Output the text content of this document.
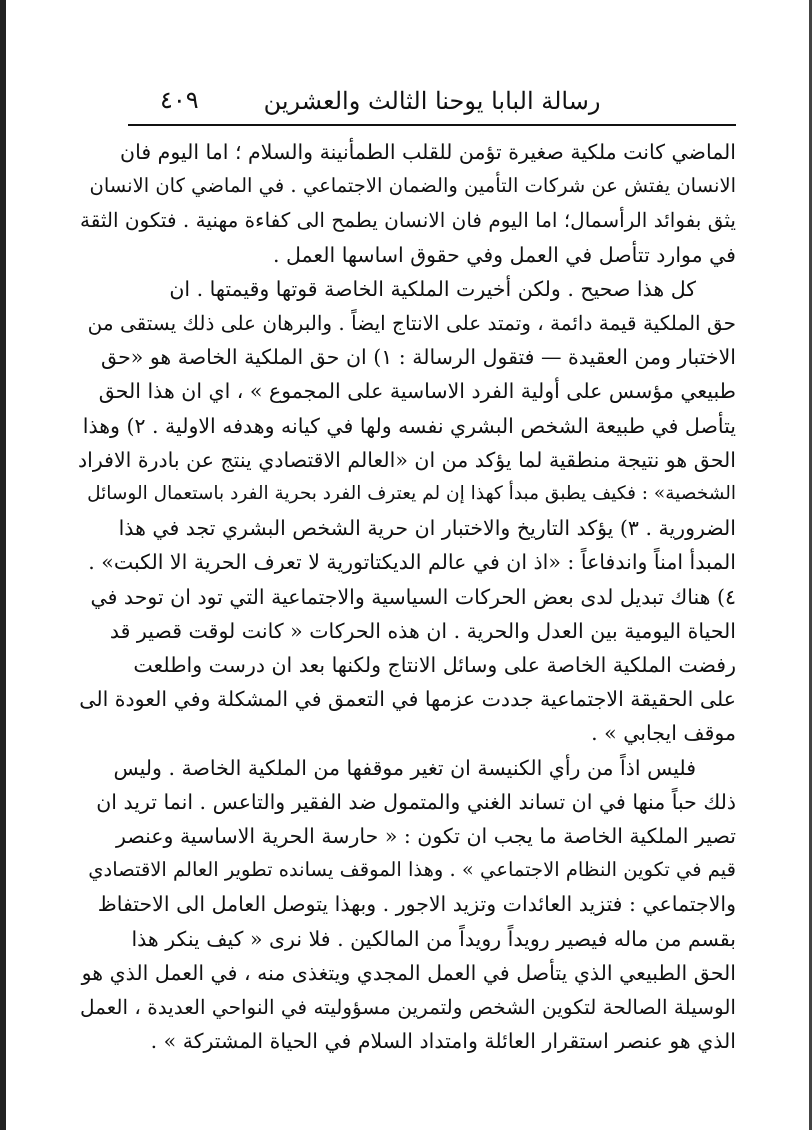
رسالة البابا يوحنا الثالث والعشرين
٤٠٩

الماضي كانت ملكية صغيرة تؤمن للقلب الطمأنينة والسلام ؛ اما اليوم فان
الانسان يفتش عن شركات التأمين والضمان الاجتماعي . في الماضي كان الانسان
يثق بفوائد الرأسمال؛ اما اليوم فان الانسان يطمح الى كفاءة مهنية . فتكون الثقة
في موارد تتأصل في العمل وفي حقوق اساسها العمل .

كل هذا صحيح . ولكن أخيرت الملكية الخاصة قوتها وقيمتها . ان
حق الملكية قيمة دائمة ، وتمتد على الانتاج ايضاً . والبرهان على ذلك يستقى من
الاختبار ومن العقيدة — فتقول الرسالة : ١) ان حق الملكية الخاصة هو «حق
طبيعي مؤسس على أولية الفرد الاساسية على المجموع » ، اي ان هذا الحق
يتأصل في طبيعة الشخص البشري نفسه ولها في كيانه وهدفه الاولية . ٢) وهذا
الحق هو نتيجة منطقية لما يؤكد من ان «العالم الاقتصادي ينتج عن بادرة الافراد
الشخصية» : فكيف يطبق مبدأ كهذا إن لم يعترف الفرد بحرية الفرد باستعمال الوسائل
الضرورية . ٣) يؤكد التاريخ والاختبار ان حرية الشخص البشري تجد في هذا
المبدأ امناً واندفاعاً : «اذ ان في عالم الديكتاتورية لا تعرف الحرية الا الكبت» .
٤) هناك تبديل لدى بعض الحركات السياسية والاجتماعية التي تود ان توحد في
الحياة اليومية بين العدل والحرية . ان هذه الحركات « كانت لوقت قصير قد
رفضت الملكية الخاصة على وسائل الانتاج ولكنها بعد ان درست واطلعت
على الحقيقة الاجتماعية جددت عزمها في التعمق في المشكلة وفي العودة الى
موقف ايجابي » .

فليس اذاً من رأي الكنيسة ان تغير موقفها من الملكية الخاصة . وليس
ذلك حباً منها في ان تساند الغني والمتمول ضد الفقير والتاعس . انما تريد ان
تصير الملكية الخاصة ما يجب ان تكون : « حارسة الحرية الاساسية وعنصر
قيم في تكوين النظام الاجتماعي » . وهذا الموقف يسانده تطوير العالم الاقتصادي
والاجتماعي : فتزيد العائدات وتزيد الاجور . وبهذا يتوصل العامل الى الاحتفاظ
بقسم من ماله فيصير رويداً رويداً من المالكين . فلا نرى « كيف ينكر هذا
الحق الطبيعي الذي يتأصل في العمل المجدي ويتغذى منه ، في العمل الذي هو
الوسيلة الصالحة لتكوين الشخص ولتمرين مسؤوليته في النواحي العديدة ، العمل
الذي هو عنصر استقرار العائلة وامتداد السلام في الحياة المشتركة » .
